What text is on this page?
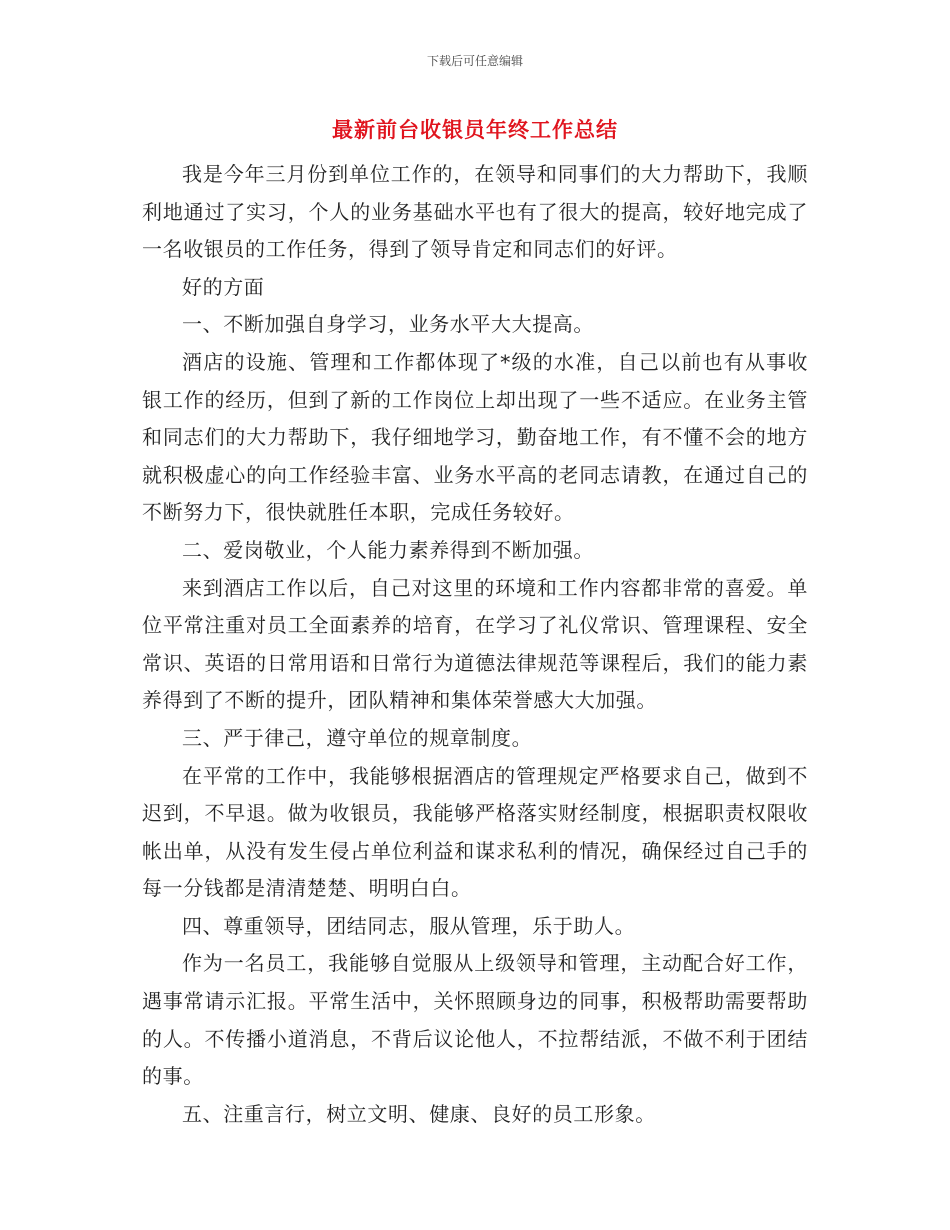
下载后可任意编辑
最新前台收银员年终工作总结

我是今年三月份到单位工作的，在领导和同事们的大力帮助下，我顺利地通过了实习，个人的业务基础水平也有了很大的提高，较好地完成了一名收银员的工作任务，得到了领导肯定和同志们的好评。

好的方面

一、不断加强自身学习，业务水平大大提高。

酒店的设施、管理和工作都体现了*级的水准，自己以前也有从事收银工作的经历，但到了新的工作岗位上却出现了一些不适应。在业务主管和同志们的大力帮助下，我仔细地学习，勤奋地工作，有不懂不会的地方就积极虚心的向工作经验丰富、业务水平高的老同志请教，在通过自己的不断努力下，很快就胜任本职，完成任务较好。

二、爱岗敬业，个人能力素养得到不断加强。

来到酒店工作以后，自己对这里的环境和工作内容都非常的喜爱。单位平常注重对员工全面素养的培育，在学习了礼仪常识、管理课程、安全常识、英语的日常用语和日常行为道德法律规范等课程后，我们的能力素养得到了不断的提升，团队精神和集体荣誉感大大加强。

三、严于律己，遵守单位的规章制度。

在平常的工作中，我能够根据酒店的管理规定严格要求自己，做到不迟到，不早退。做为收银员，我能够严格落实财经制度，根据职责权限收帐出单，从没有发生侵占单位利益和谋求私利的情况，确保经过自己手的每一分钱都是清清楚楚、明明白白。

四、尊重领导，团结同志，服从管理，乐于助人。

作为一名员工，我能够自觉服从上级领导和管理，主动配合好工作，遇事常请示汇报。平常生活中，关怀照顾身边的同事，积极帮助需要帮助的人。不传播小道消息，不背后议论他人，不拉帮结派，不做不利于团结的事。

五、注重言行，树立文明、健康、良好的员工形象。
